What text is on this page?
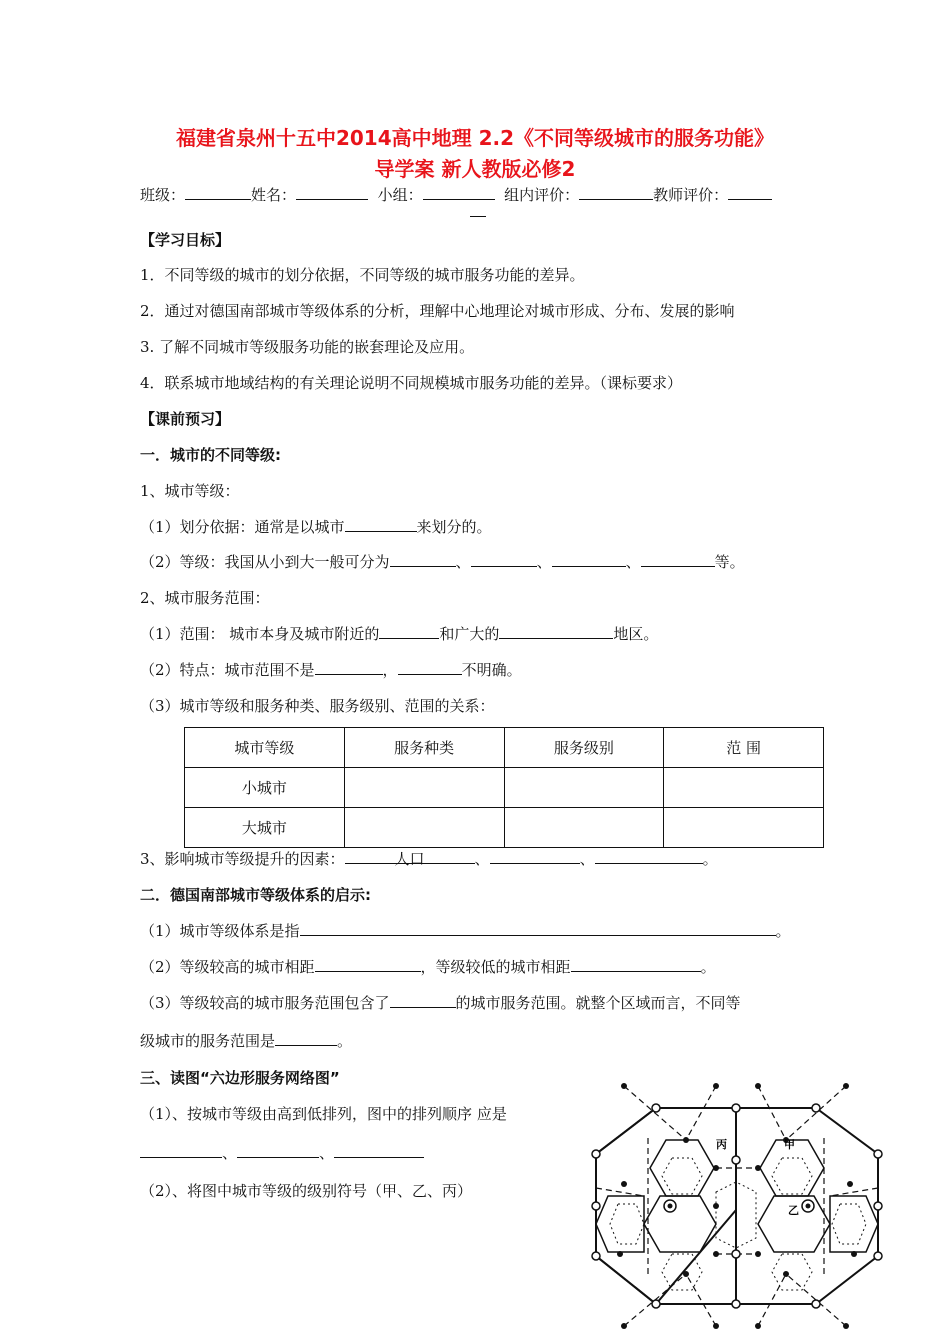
福建省泉州十五中2014高中地理 2.2《不同等级城市的服务功能》
导学案 新人教版必修2
班级：	姓名：	小组：	组内评价：	教师评价：
【学习目标】
1．不同等级的城市的划分依据，不同等级的城市服务功能的差异。
2．通过对德国南部城市等级体系的分析，理解中心地理论对城市形成、分布、发展的影响
3. 了解不同城市等级服务功能的嵌套理论及应用。
4．联系城市地域结构的有关理论说明不同规模城市服务功能的差异。（课标要求）
【课前预习】
一．城市的不同等级:
1、城市等级：
（1）划分依据：通常是以城市	来划分的。
（2）等级：我国从小到大一般可分为	、	、	、	等。
2、城市服务范围：
（1）范围： 城市本身及城市附近的	和广大的	地区。
（2）特点：城市范围不是	，	不明确。
（3）城市等级和服务种类、服务级别、范围的关系：
城市等级	服务种类	服务级别	范 围
小城市			
大城市			
3、影响城市等级提升的因素：	人口	、	、	。
二．德国南部城市等级体系的启示:
（1）城市等级体系是指	。
（2）等级较高的城市相距	，等级较低的城市相距	。
（3）等级较高的城市服务范围包含了	的城市服务范围。就整个区域而言，不同等
级城市的服务范围是	。
三、读图“六边形服务网络图”
（1）、按城市等级由高到低排列，图中的排列顺序 应是
、	、
（2）、将图中城市等级的级别符号（甲、乙、丙）
丙	甲
乙
